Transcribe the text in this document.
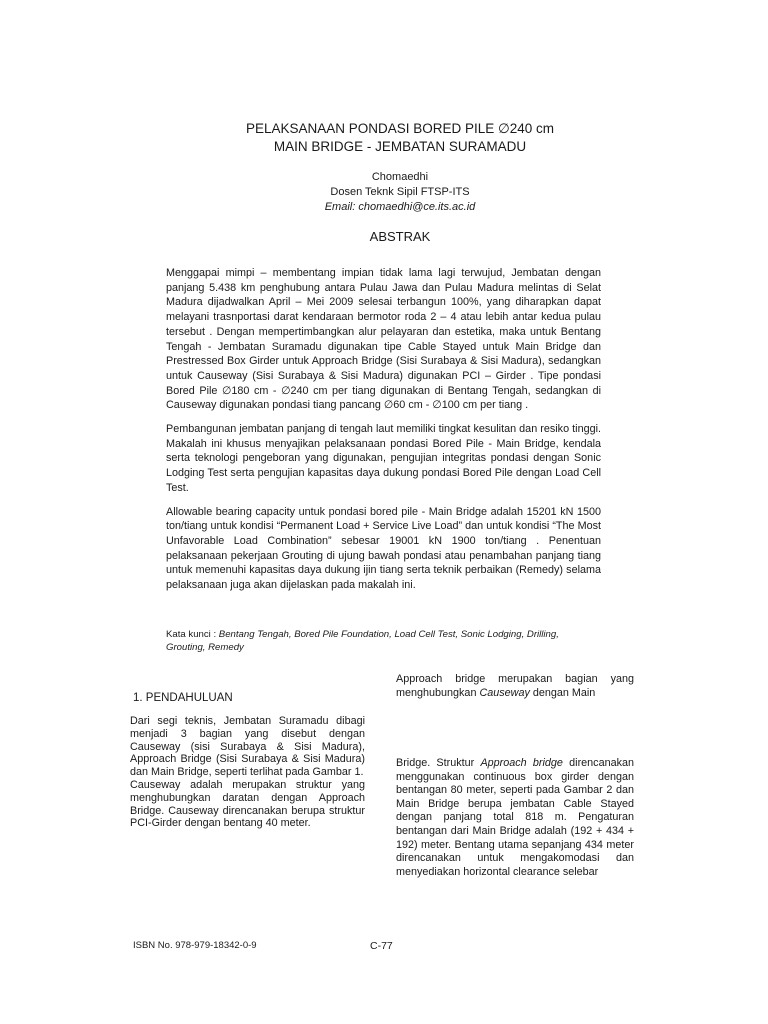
PELAKSANAAN PONDASI BORED PILE ∅240 cm
MAIN BRIDGE - JEMBATAN SURAMADU
Chomaedhi
Dosen Teknk Sipil FTSP-ITS
Email: chomaedhi@ce.its.ac.id
ABSTRAK

Menggapai mimpi – membentang impian tidak lama lagi terwujud, Jembatan dengan panjang 5.438 km penghubung antara Pulau Jawa dan Pulau Madura melintas di Selat Madura dijadwalkan April – Mei 2009 selesai terbangun 100%, yang diharapkan dapat melayani trasnportasi darat kendaraan bermotor roda 2 – 4 atau lebih antar kedua pulau tersebut . Dengan mempertimbangkan alur pelayaran dan estetika, maka untuk Bentang Tengah - Jembatan Suramadu digunakan tipe Cable Stayed untuk Main Bridge dan Prestressed Box Girder untuk Approach Bridge (Sisi Surabaya & Sisi Madura), sedangkan untuk Causeway (Sisi Surabaya & Sisi Madura) digunakan PCI – Girder . Tipe pondasi Bored Pile ∅180 cm - ∅240 cm per tiang digunakan di Bentang Tengah, sedangkan di Causeway digunakan pondasi tiang pancang ∅60 cm - ∅100 cm per tiang .

Pembangunan jembatan panjang di tengah laut memiliki tingkat kesulitan dan resiko tinggi. Makalah ini khusus menyajikan pelaksanaan pondasi Bored Pile - Main Bridge, kendala serta teknologi pengeboran yang digunakan, pengujian integritas pondasi dengan Sonic Lodging Test serta pengujian kapasitas daya dukung pondasi Bored Pile dengan Load Cell Test.

Allowable bearing capacity untuk pondasi bored pile - Main Bridge adalah 15201 kN 1500 ton/tiang untuk kondisi “Permanent Load + Service Live Load” dan untuk kondisi “The Most Unfavorable Load Combination” sebesar 19001 kN 1900 ton/tiang . Penentuan pelaksanaan pekerjaan Grouting di ujung bawah pondasi atau penambahan panjang tiang untuk memenuhi kapasitas daya dukung ijin tiang serta teknik perbaikan (Remedy) selama pelaksanaan juga akan dijelaskan pada makalah ini.

Kata kunci : Bentang Tengah, Bored Pile Foundation, Load Cell Test, Sonic Lodging, Drilling, Grouting, Remedy
1. PENDAHULUAN

Dari segi teknis, Jembatan Suramadu dibagi menjadi 3 bagian yang disebut dengan Causeway (sisi Surabaya & Sisi Madura), Approach Bridge (Sisi Surabaya & Sisi Madura) dan Main Bridge, seperti terlihat pada Gambar 1.

Causeway adalah merupakan struktur yang menghubungkan daratan dengan Approach Bridge. Causeway direncanakan berupa struktur PCI-Girder dengan bentang 40 meter.

Approach bridge merupakan bagian yang menghubungkan Causeway dengan Main

Bridge. Struktur Approach bridge direncanakan menggunakan continuous box girder dengan bentangan 80 meter, seperti pada Gambar 2 dan Main Bridge berupa jembatan Cable Stayed dengan panjang total 818 m. Pengaturan bentangan dari Main Bridge adalah (192 + 434 + 192) meter. Bentang utama sepanjang 434 meter direncanakan untuk mengakomodasi dan menyediakan horizontal clearance selebar

ISBN No. 978-979-18342-0-9	C-77
